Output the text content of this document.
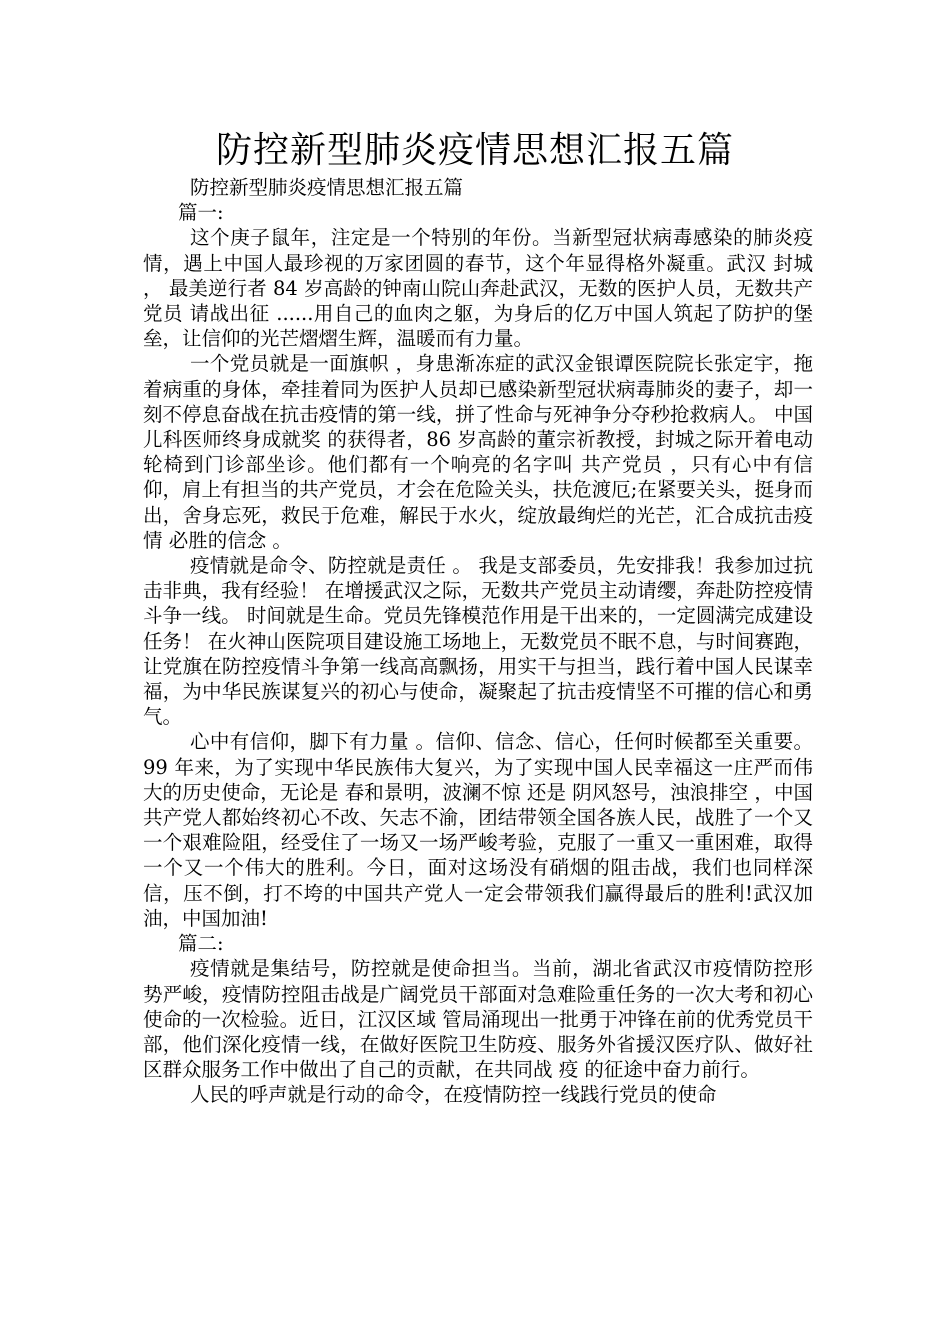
防控新型肺炎疫情思想汇报五篇

防控新型肺炎疫情思想汇报五篇

篇一:

这个庚子鼠年，注定是一个特别的年份。当新型冠状病毒感染的肺炎疫情，遇上中国人最珍视的万家团圆的春节，这个年显得格外凝重。武汉 封城 ， 最美逆行者 84 岁高龄的钟南山院山奔赴武汉，无数的医护人员，无数共产党员 请战出征 ......用自己的血肉之躯，为身后的亿万中国人筑起了防护的堡垒，让信仰的光芒熠熠生辉，温暖而有力量。

一个党员就是一面旗帜 ，身患渐冻症的武汉金银谭医院院长张定宇，拖着病重的身体，牵挂着同为医护人员却已感染新型冠状病毒肺炎的妻子，却一刻不停息奋战在抗击疫情的第一线，拼了性命与死神争分夺秒抢救病人。 中国儿科医师终身成就奖 的获得者，86 岁高龄的董宗祈教授，封城之际开着电动轮椅到门诊部坐诊。他们都有一个响亮的名字叫 共产党员 ，只有心中有信仰，肩上有担当的共产党员，才会在危险关头，扶危渡厄;在紧要关头，挺身而出，舍身忘死，救民于危难，解民于水火，绽放最绚烂的光芒，汇合成抗击疫情 必胜的信念 。

疫情就是命令、防控就是责任 。 我是支部委员，先安排我！我参加过抗击非典，我有经验！ 在增援武汉之际，无数共产党员主动请缨，奔赴防控疫情斗争一线。 时间就是生命。党员先锋模范作用是干出来的，一定圆满完成建设任务！ 在火神山医院项目建设施工场地上，无数党员不眠不息，与时间赛跑，让党旗在防控疫情斗争第一线高高飘扬，用实干与担当，践行着中国人民谋幸福，为中华民族谋复兴的初心与使命，凝聚起了抗击疫情坚不可摧的信心和勇气。

心中有信仰，脚下有力量 。信仰、信念、信心，任何时候都至关重要。99 年来，为了实现中华民族伟大复兴，为了实现中国人民幸福这一庄严而伟大的历史使命，无论是 春和景明，波澜不惊 还是 阴风怒号，浊浪排空 ，中国共产党人都始终初心不改、矢志不渝，团结带领全国各族人民，战胜了一个又一个艰难险阻，经受住了一场又一场严峻考验，克服了一重又一重困难，取得一个又一个伟大的胜利。今日，面对这场没有硝烟的阻击战，我们也同样深信，压不倒，打不垮的中国共产党人一定会带领我们赢得最后的胜利!武汉加油，中国加油!

篇二:

疫情就是集结号，防控就是使命担当。当前，湖北省武汉市疫情防控形势严峻，疫情防控阻击战是广阔党员干部面对急难险重任务的一次大考和初心使命的一次检验。近日，江汉区域 管局涌现出一批勇于冲锋在前的优秀党员干部，他们深化疫情一线，在做好医院卫生防疫、服务外省援汉医疗队、做好社区群众服务工作中做出了自己的贡献，在共同战 疫 的征途中奋力前行。

人民的呼声就是行动的命令，在疫情防控一线践行党员的使命
